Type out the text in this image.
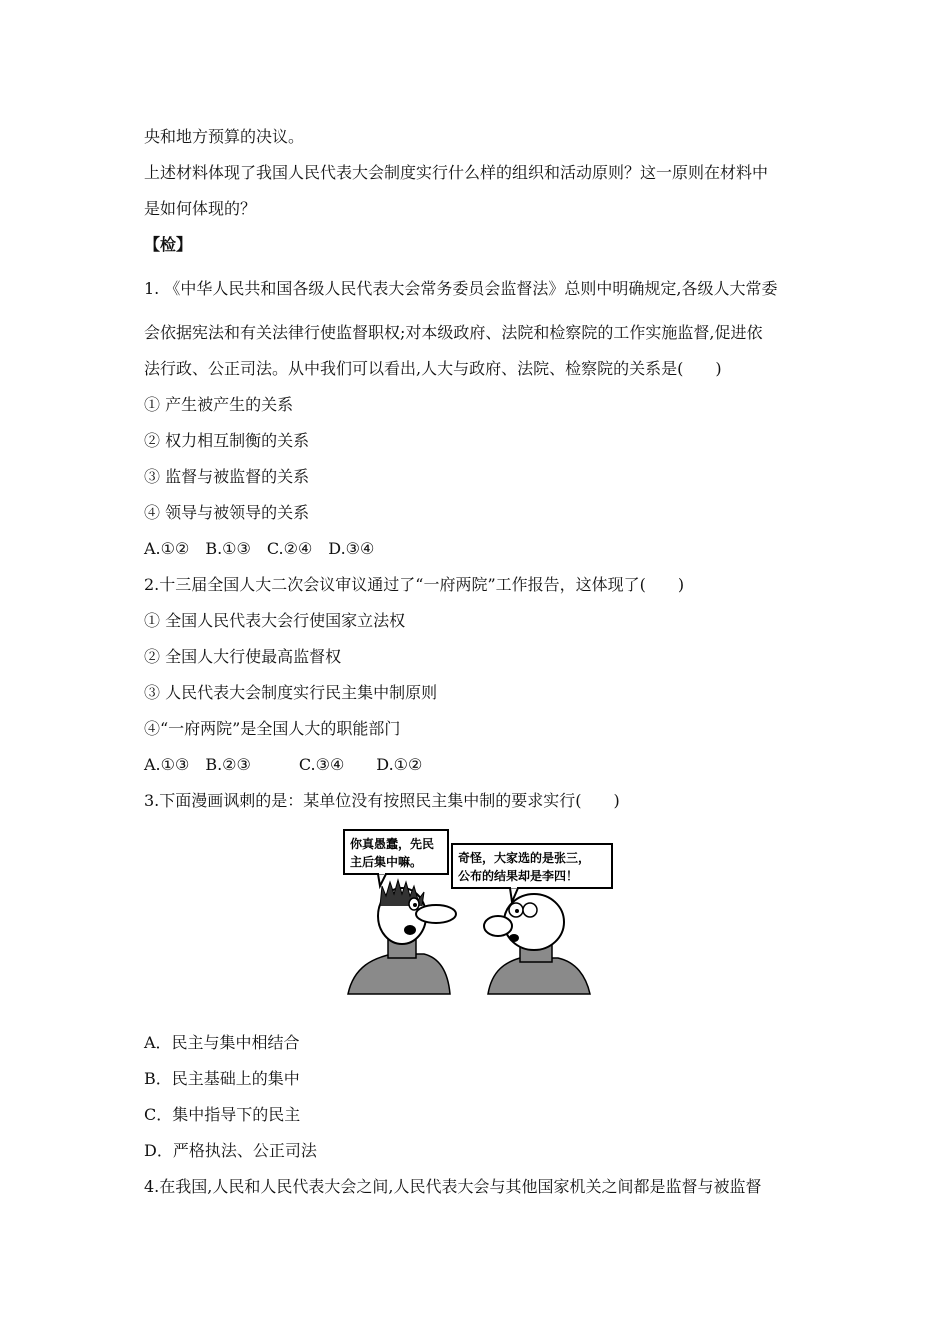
央和地方预算的决议。
上述材料体现了我国人民代表大会制度实行什么样的组织和活动原则？这一原则在材料中
是如何体现的？
【检】
1. 《中华人民共和国各级人民代表大会常务委员会监督法》总则中明确规定,各级人大常委
会依据宪法和有关法律行使监督职权;对本级政府、法院和检察院的工作实施监督,促进依
法行政、公正司法。从中我们可以看出,人大与政府、法院、检察院的关系是(　　)
① 产生被产生的关系
② 权力相互制衡的关系
③ 监督与被监督的关系
④ 领导与被领导的关系
A.①②　B.①③　C.②④　D.③④
2.十三届全国人大二次会议审议通过了“一府两院”工作报告，这体现了(　　)
① 全国人民代表大会行使国家立法权
② 全国人大行使最高监督权
③ 人民代表大会制度实行民主集中制原则
④“一府两院”是全国人大的职能部门
A.①③　B.②③　　　C.③④　　D.①②
3.下面漫画讽刺的是：某单位没有按照民主集中制的要求实行(　　)
你真愚蠢，先民
主后集中嘛。	奇怪，大家选的是张三，
公布的结果却是李四！
A．民主与集中相结合
B．民主基础上的集中
C．集中指导下的民主
D．严格执法、公正司法
4.在我国,人民和人民代表大会之间,人民代表大会与其他国家机关之间都是监督与被监督
